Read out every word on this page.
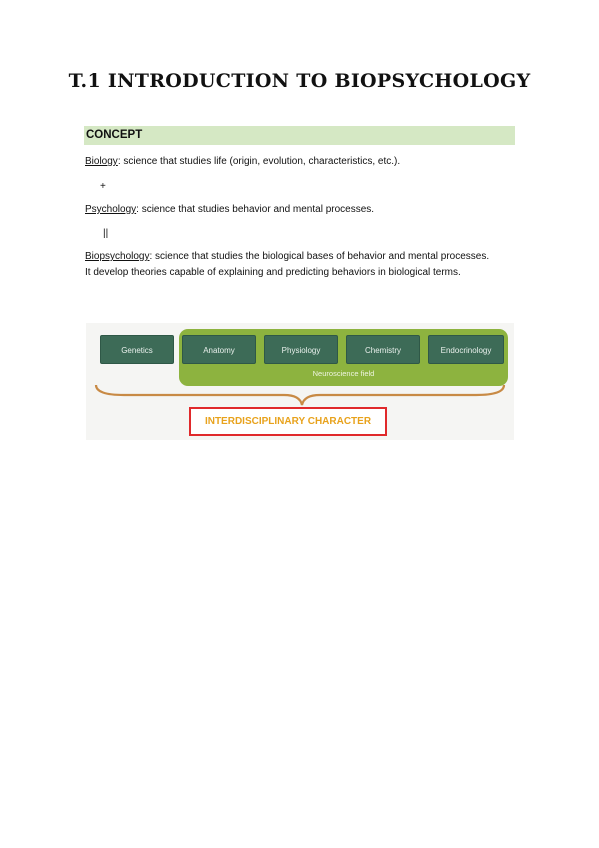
T.1 INTRODUCTION TO BIOPSYCHOLOGY
CONCEPT
Biology: science that studies life (origin, evolution, characteristics, etc.).
+
Psychology: science that studies behavior and mental processes.
||
Biopsychology: science that studies the biological bases of behavior and mental processes. It develop theories capable of explaining and predicting behaviors in biological terms.
Genetics	Anatomy	Physiology	Chemistry	Endocrinology
Neuroscience field
INTERDISCIPLINARY CHARACTER
